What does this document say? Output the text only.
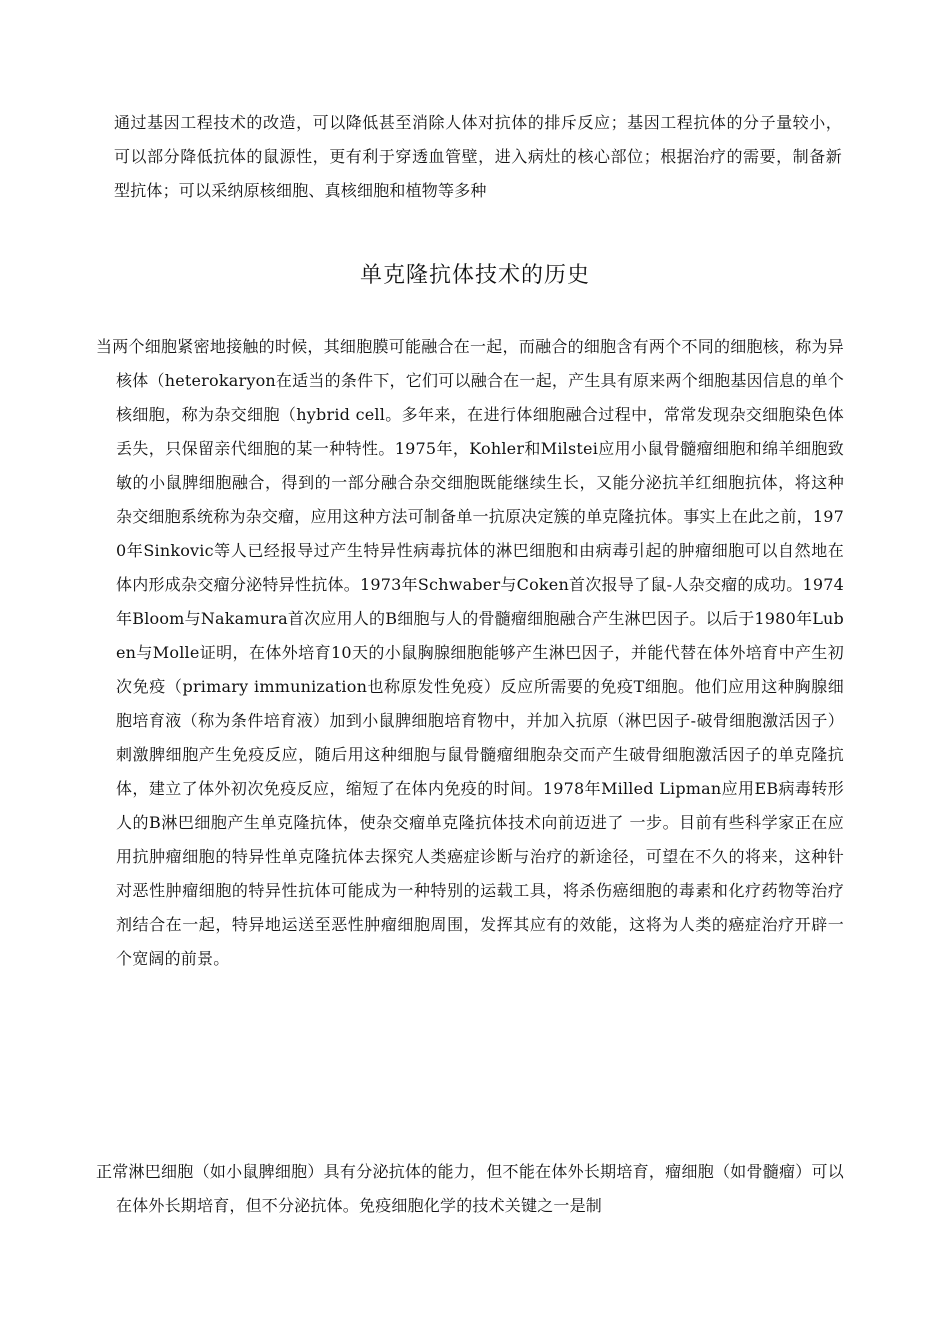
通过基因工程技术的改造，可以降低甚至消除人体对抗体的排斥反应；基因工程抗体的分子量较小，可以部分降低抗体的鼠源性，更有利于穿透血管壁，进入病灶的核心部位；根据治疗的需要，制备新型抗体；可以采纳原核细胞、真核细胞和植物等多种

单克隆抗体技术的历史

当两个细胞紧密地接触的时候，其细胞膜可能融合在一起，而融合的细胞含有两个不同的细胞核，称为异核体（heterokaryon在适当的条件下，它们可以融合在一起，产生具有原来两个细胞基因信息的单个核细胞，称为杂交细胞（hybrid cell。多年来，在进行体细胞融合过程中，常常发现杂交细胞染色体丢失，只保留亲代细胞的某一种特性。1975年，Kohler和Milstei应用小鼠骨髓瘤细胞和绵羊细胞致敏的小鼠脾细胞融合，得到的一部分融合杂交细胞既能继续生长，又能分泌抗羊红细胞抗体，将这种杂交细胞系统称为杂交瘤，应用这种方法可制备单一抗原决定簇的单克隆抗体。事实上在此之前，1970年Sinkovic等人已经报导过产生特异性病毒抗体的淋巴细胞和由病毒引起的肿瘤细胞可以自然地在体内形成杂交瘤分泌特异性抗体。1973年Schwaber与Coken首次报导了鼠-人杂交瘤的成功。1974年Bloom与Nakamura首次应用人的B细胞与人的骨髓瘤细胞融合产生淋巴因子。以后于1980年Luben与Molle证明，在体外培育10天的小鼠胸腺细胞能够产生淋巴因子，并能代替在体外培育中产生初次免疫（primary immunization也称原发性免疫）反应所需要的免疫T细胞。他们应用这种胸腺细胞培育液（称为条件培育液）加到小鼠脾细胞培育物中，并加入抗原（淋巴因子-破骨细胞激活因子）刺激脾细胞产生免疫反应，随后用这种细胞与鼠骨髓瘤细胞杂交而产生破骨细胞激活因子的单克隆抗体，建立了体外初次免疫反应，缩短了在体内免疫的时间。1978年Milled Lipman应用EB病毒转形人的B淋巴细胞产生单克隆抗体，使杂交瘤单克隆抗体技术向前迈进了 一步。目前有些科学家正在应用抗肿瘤细胞的特异性单克隆抗体去探究人类癌症诊断与治疗的新途径，可望在不久的将来，这种针对恶性肿瘤细胞的特异性抗体可能成为一种特别的运载工具，将杀伤癌细胞的毒素和化疗药物等治疗剂结合在一起，特异地运送至恶性肿瘤细胞周围，发挥其应有的效能，这将为人类的癌症治疗开辟一个宽阔的前景。

正常淋巴细胞（如小鼠脾细胞）具有分泌抗体的能力，但不能在体外长期培育，瘤细胞（如骨髓瘤）可以在体外长期培育，但不分泌抗体。免疫细胞化学的技术关键之一是制
